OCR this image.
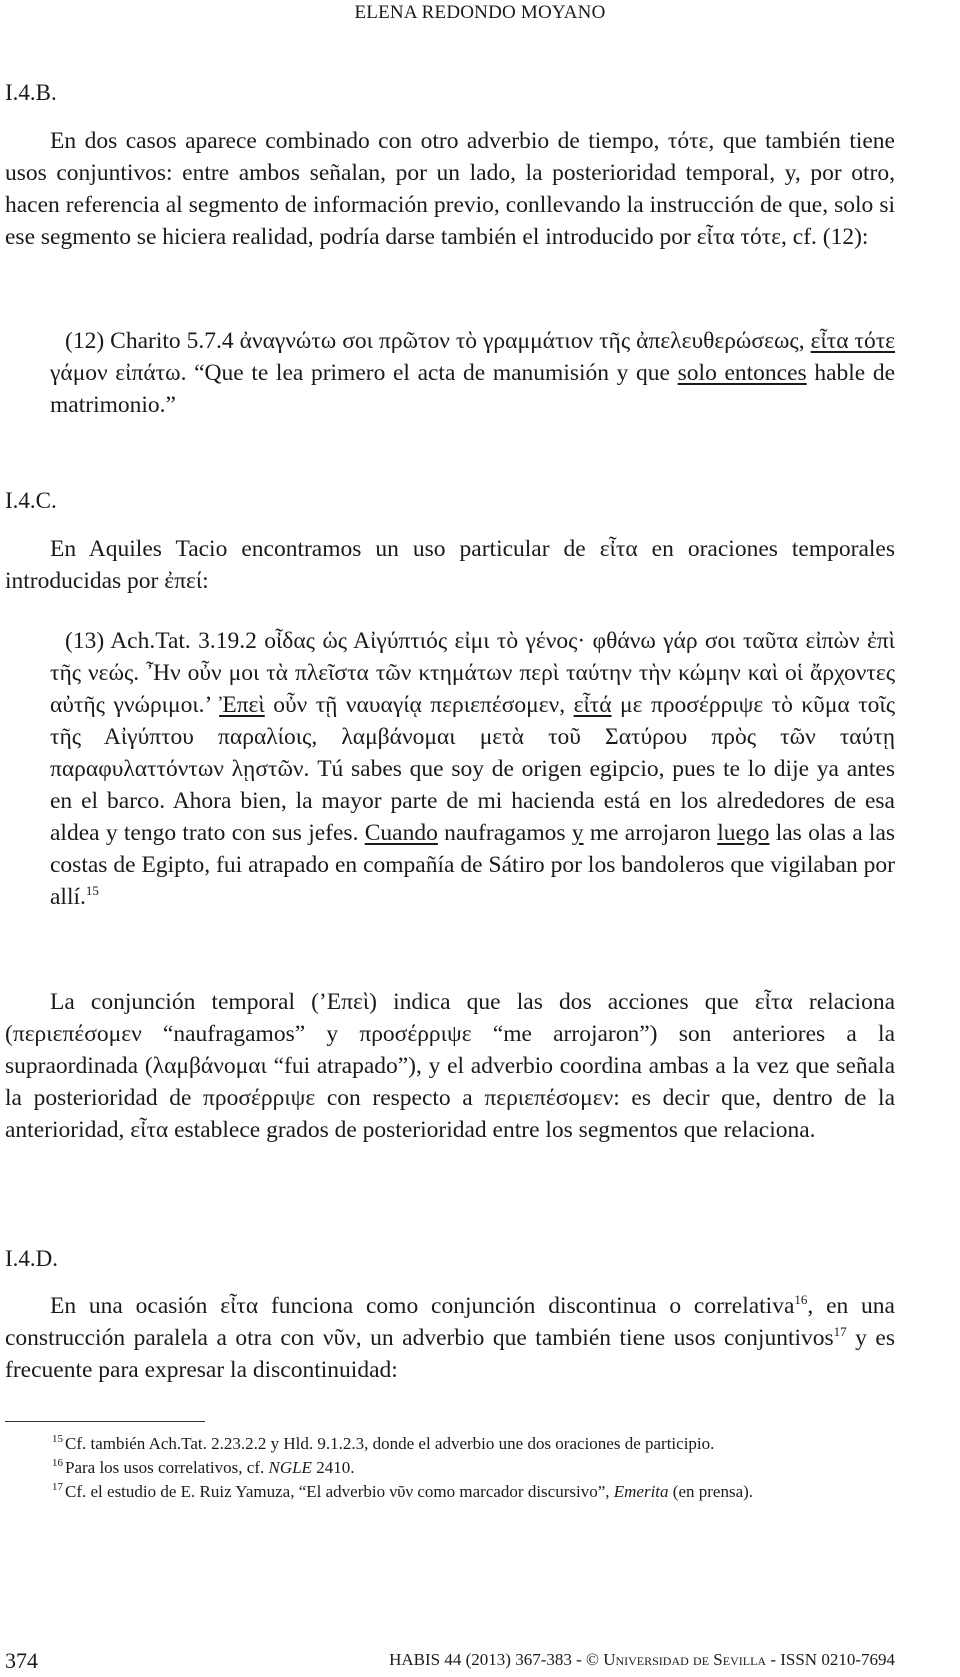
ELENA REDONDO MOYANO
I.4.B.

En dos casos aparece combinado con otro adverbio de tiempo, τότε, que también tiene usos conjuntivos: entre ambos señalan, por un lado, la posterioridad temporal, y, por otro, hacen referencia al segmento de información previo, conllevando la instrucción de que, solo si ese segmento se hiciera realidad, podría darse también el introducido por εἶτα τότε, cf. (12):

(12) Charito 5.7.4 ἀναγνώτω σοι πρῶτον τὸ γραμμάτιον τῆς ἀπελευθερώσεως, εἶτα τότε γάμον εἰπάτω. “Que te lea primero el acta de manumisión y que solo entonces hable de matrimonio.”

I.4.C.

En Aquiles Tacio encontramos un uso particular de εἶτα en oraciones temporales introducidas por ἐπεί:

(13) Ach.Tat. 3.19.2 οἶδας ὡς Αἰγύπτιός εἰμι τὸ γένος· φθάνω γάρ σοι ταῦτα εἰπὼν ἐπὶ τῆς νεώς. Ἦν οὖν μοι τὰ πλεῖστα τῶν κτημάτων περὶ ταύτην τὴν κώμην καὶ οἱ ἄρχοντες αὐτῆς γνώριμοι.’ Ἐπεὶ οὖν τῇ ναυαγίᾳ περιεπέσομεν, εἶτά με προσέρριψε τὸ κῦμα τοῖς τῆς Αἰγύπτου παραλίοις, λαμβάνομαι μετὰ τοῦ Σατύρου πρὸς τῶν ταύτῃ παραφυλαττόντων λῃστῶν. Tú sabes que soy de origen egipcio, pues te lo dije ya antes en el barco. Ahora bien, la mayor parte de mi hacienda está en los alrededores de esa aldea y tengo trato con sus jefes. Cuando naufragamos y me arrojaron luego las olas a las costas de Egipto, fui atrapado en compañía de Sátiro por los bandoleros que vigilaban por allí.$^{15}$

La conjunción temporal (’Επεὶ) indica que las dos acciones que εἶτα relaciona (περιεπέσομεν “naufragamos” y προσέρριψε “me arrojaron”) son anteriores a la supraordinada (λαμβάνομαι “fui atrapado”), y el adverbio coordina ambas a la vez que señala la posterioridad de προσέρριψε con respecto a περιεπέσομεν: es decir que, dentro de la anterioridad, εἶτα establece grados de posterioridad entre los segmentos que relaciona.

I.4.D.

En una ocasión εἶτα funciona como conjunción discontinua o correlativa$^{16}$, en una construcción paralela a otra con νῦν, un adverbio que también tiene usos conjuntivos$^{17}$ y es frecuente para expresar la discontinuidad:

$^{15}$ Cf. también Ach.Tat. 2.23.2.2 y Hld. 9.1.2.3, donde el adverbio une dos oraciones de participio.
$^{16}$ Para los usos correlativos, cf. NGLE 2410.
$^{17}$ Cf. el estudio de E. Ruiz Yamuza, “El adverbio νῦν como marcador discursivo”, Emerita (en prensa).
374	HABIS 44 (2013) 367-383 - © Universidad de Sevilla - ISSN 0210-7694
